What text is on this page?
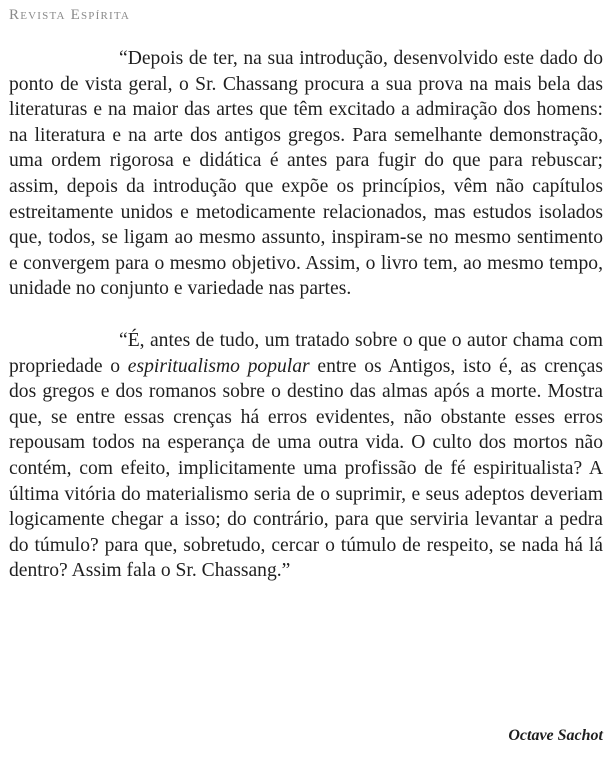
Revista Espírita

“Depois de ter, na sua introdução, desenvolvido este dado do ponto de vista geral, o Sr. Chassang procura a sua prova na mais bela das literaturas e na maior das artes que têm excitado a admiração dos homens: na literatura e na arte dos antigos gregos. Para semelhante demonstração, uma ordem rigorosa e didática é antes para fugir do que para rebuscar; assim, depois da introdução que expõe os princípios, vêm não capítulos estreitamente unidos e metodicamente relacionados, mas estudos isolados que, todos, se ligam ao mesmo assunto, inspiram-se no mesmo sentimento e convergem para o mesmo objetivo. Assim, o livro tem, ao mesmo tempo, unidade no conjunto e variedade nas partes.

“É, antes de tudo, um tratado sobre o que o autor chama com propriedade o espiritualismo popular entre os Antigos, isto é, as crenças dos gregos e dos romanos sobre o destino das almas após a morte. Mostra que, se entre essas crenças há erros evidentes, não obstante esses erros repousam todos na esperança de uma outra vida. O culto dos mortos não contém, com efeito, implicitamente uma profissão de fé espiritualista? A última vitória do materialismo seria de o suprimir, e seus adeptos deveriam logicamente chegar a isso; do contrário, para que serviria levantar a pedra do túmulo? para que, sobretudo, cercar o túmulo de respeito, se nada há lá dentro? Assim fala o Sr. Chassang.”

Octave Sachot
